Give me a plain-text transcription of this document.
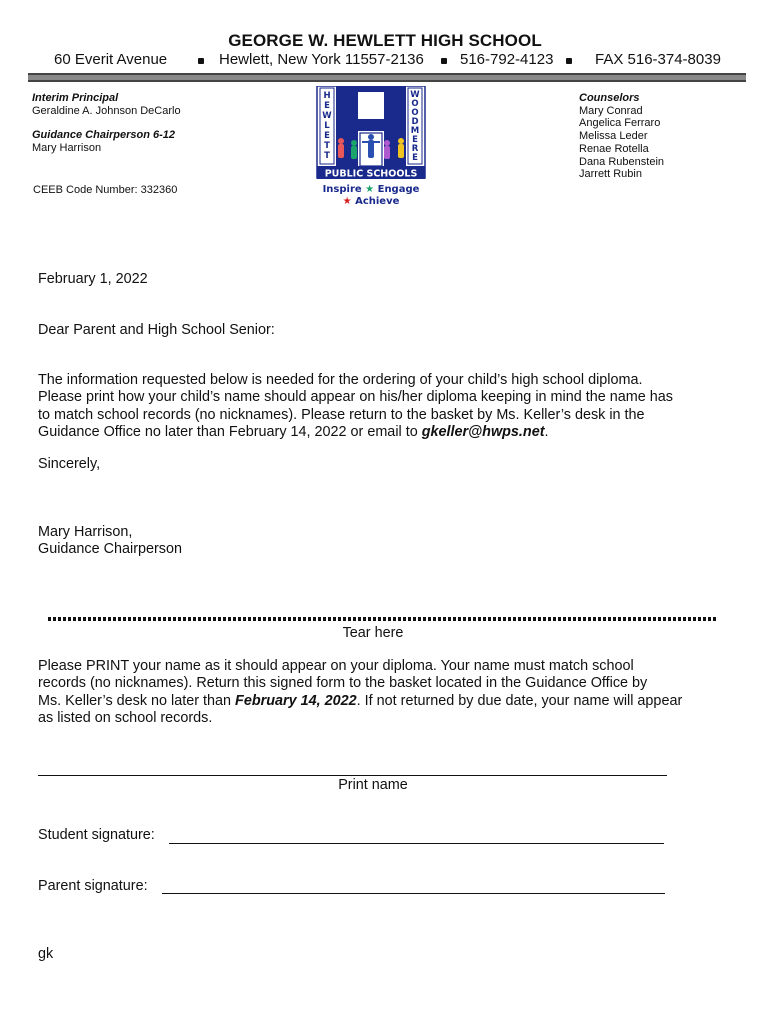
GEORGE W. HEWLETT HIGH SCHOOL
60 Everit Avenue	Hewlett, New York 11557-2136 516-792-4123	FAX 516-374-8039
Interim Principal
Geraldine A. Johnson DeCarlo
Guidance Chairperson 6-12
Mary Harrison
CEEB Code Number: 332360
H
E
W
L
E
T
T
W
O
O
D
M
E
R
E
PUBLIC SCHOOLS
Inspire ★ Engage
★ Achieve
Counselors
Mary Conrad
Angelica Ferraro
Melissa Leder
Renae Rotella
Dana Rubenstein
Jarrett Rubin
February 1, 2022
Dear Parent and High School Senior:
The information requested below is needed for the ordering of your child’s high school diploma.
Please print how your child’s name should appear on his/her diploma keeping in mind the name has
to match school records (no nicknames). Please return to the basket by Ms. Keller’s desk in the
Guidance Office no later than February 14, 2022 or email to gkeller@hwps.net.
Sincerely,
Mary Harrison,
Guidance Chairperson
Tear here
Please PRINT your name as it should appear on your diploma. Your name must match school
records (no nicknames). Return this signed form to the basket located in the Guidance Office by
Ms. Keller’s desk no later than February 14, 2022. If not returned by due date, your name will appear
as listed on school records.
Print name
Student signature:
Parent signature:
gk
